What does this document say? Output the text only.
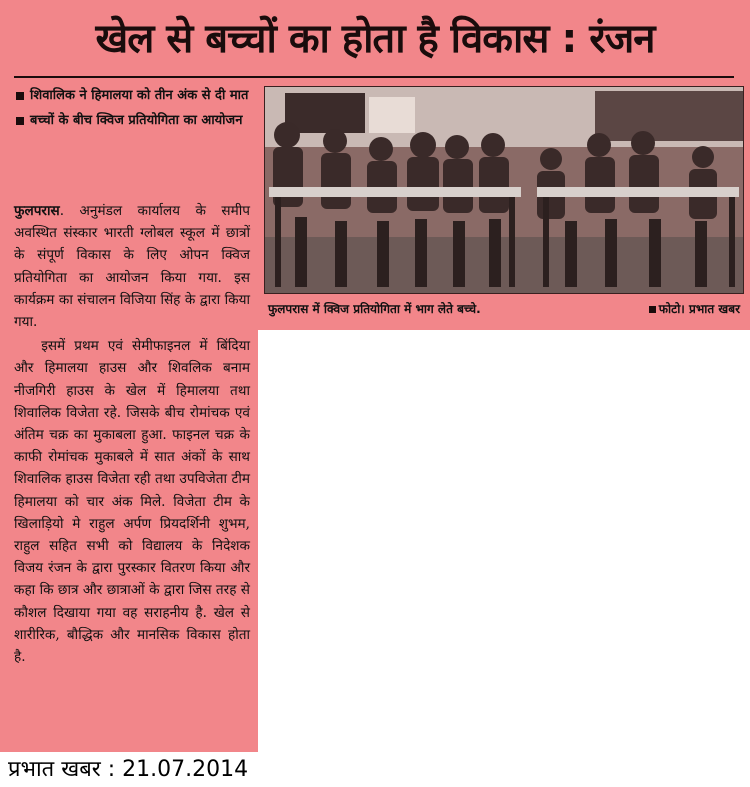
खेल से बच्चों का होता है विकास : रंजन
शिवालिक ने हिमालया को तीन अंक से दी मात
बच्चों के बीच क्विज प्रतियोगिता का आयोजन
फुलपरास में क्विज प्रतियोगिता में भाग लेते बच्चे.	फोटो। प्रभात खबर

फुलपरास. अनुमंडल कार्यालय के समीप अवस्थित संस्कार भारती ग्लोबल स्कूल में छात्रों के संपूर्ण विकास के लिए ओपन क्विज प्रतियोगिता का आयोजन किया गया. इस कार्यक्रम का संचालन विजिया सिंह के द्वारा किया गया.

इसमें प्रथम एवं सेमीफाइनल में बिंदिया और हिमालया हाउस और शिवलिक बनाम नीजगिरी हाउस के खेल में हिमालया तथा शिवालिक विजेता रहे. जिसके बीच रोमांचक एवं अंतिम चक्र का मुकाबला हुआ. फाइनल चक्र के काफी रोमांचक मुकाबले में सात अंकों के साथ शिवालिक हाउस विजेता रही तथा उपविजेता टीम हिमालया को चार अंक मिले. विजेता टीम के खिलाड़ियो मे राहुल अर्पण प्रियदर्शिनी शुभम, राहुल सहित सभी को विद्यालय के निदेशक विजय रंजन के द्वारा पुरस्कार वितरण किया और कहा कि छात्र और छात्राओं के द्वारा जिस तरह से कौशल दिखाया गया वह सराहनीय है. खेल से शारीरिक, बौद्धिक और मानसिक विकास होता है.

प्रभात खबर : 21.07.2014
